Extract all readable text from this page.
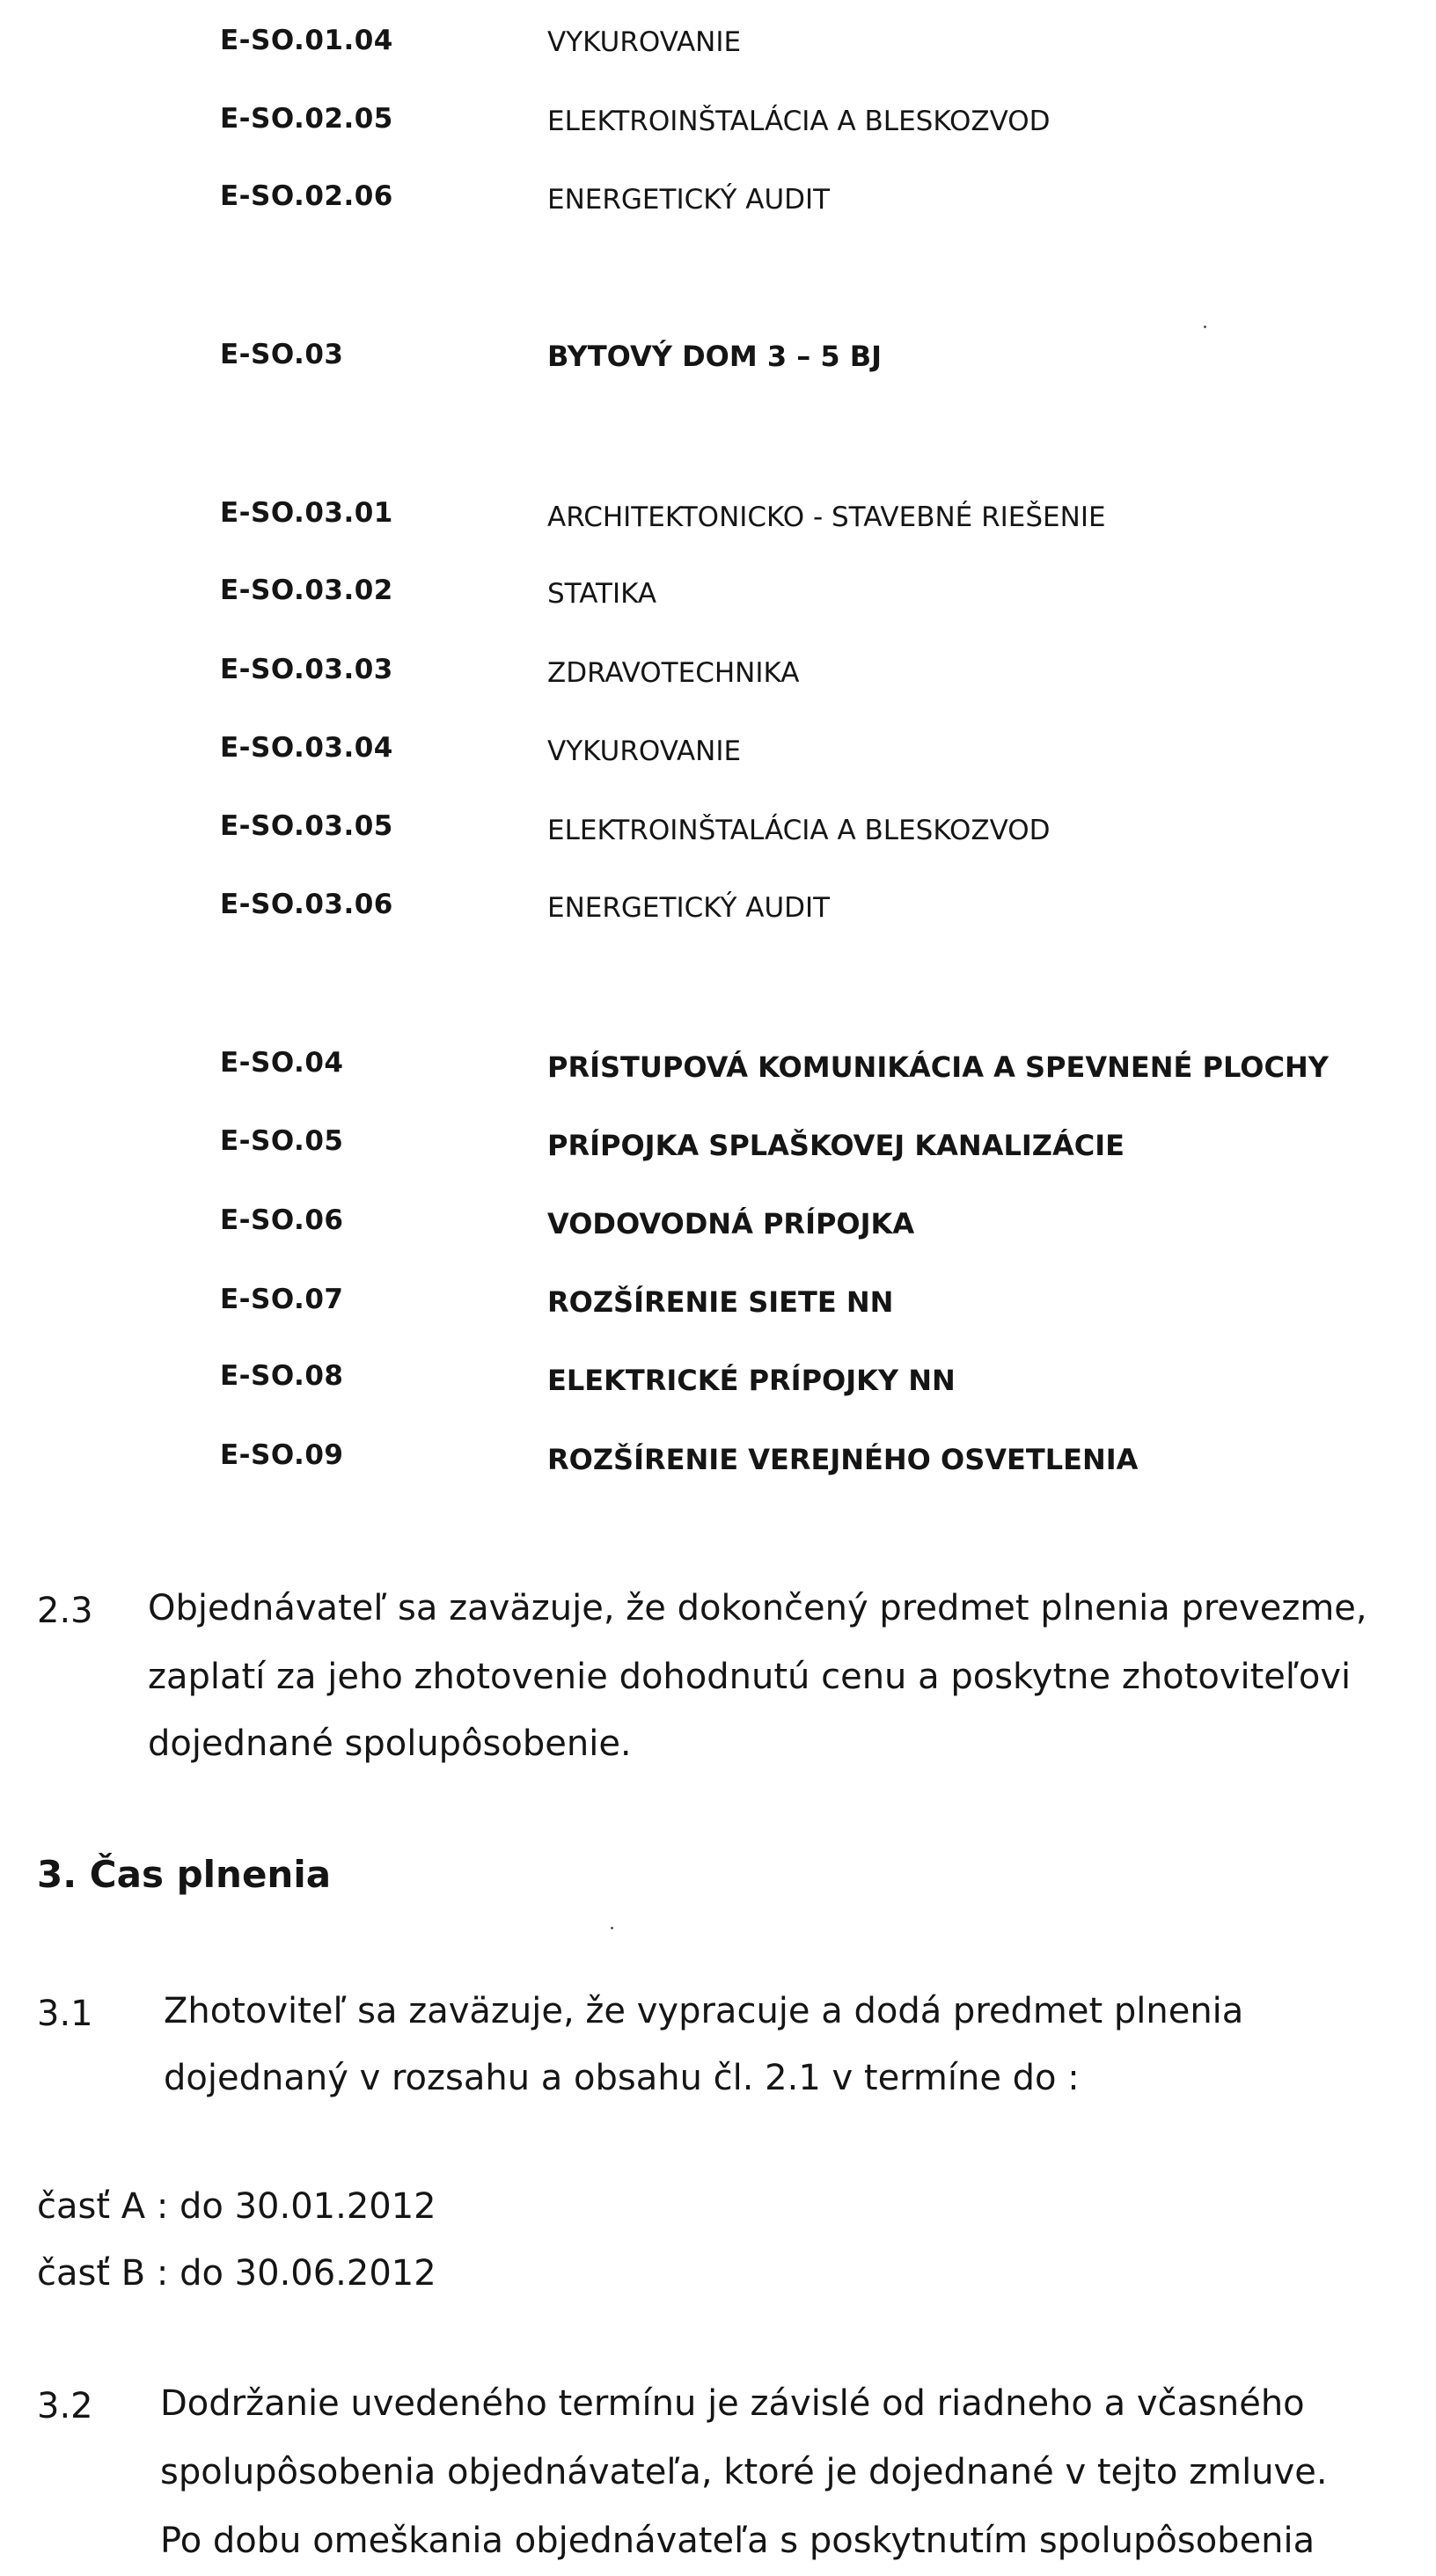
E-SO.01.04	VYKUROVANIE
E-SO.02.05	ELEKTROINŠTALÁCIA A BLESKOZVOD
E-SO.02.06	ENERGETICKÝ AUDIT
E-SO.03	BYTOVÝ DOM 3 – 5 BJ
E-SO.03.01	ARCHITEKTONICKO - STAVEBNÉ RIEŠENIE
E-SO.03.02	STATIKA
E-SO.03.03	ZDRAVOTECHNIKA
E-SO.03.04	VYKUROVANIE
E-SO.03.05	ELEKTROINŠTALÁCIA A BLESKOZVOD
E-SO.03.06	ENERGETICKÝ AUDIT
E-SO.04	PRÍSTUPOVÁ KOMUNIKÁCIA A SPEVNENÉ PLOCHY
E-SO.05	PRÍPOJKA SPLAŠKOVEJ KANALIZÁCIE
E-SO.06	VODOVODNÁ PRÍPOJKA
E-SO.07	ROZŠÍRENIE SIETE NN
E-SO.08	ELEKTRICKÉ PRÍPOJKY NN
E-SO.09	ROZŠÍRENIE VEREJNÉHO OSVETLENIA
2.3 Objednávateľ sa zaväzuje, že dokončený predmet plnenia prevezme,
zaplatí za jeho zhotovenie dohodnutú cenu a poskytne zhotoviteľovi
dojednané spolupôsobenie.
3. Čas plnenia
3.1 Zhotoviteľ sa zaväzuje, že vypracuje a dodá predmet plnenia
dojednaný v rozsahu a obsahu čl. 2.1 v termíne do :
časť A : do 30.01.2012
časť B : do 30.06.2012
3.2 Dodržanie uvedeného termínu je závislé od riadneho a včasného
spolupôsobenia objednávateľa, ktoré je dojednané v tejto zmluve.
Po dobu omeškania objednávateľa s poskytnutím spolupôsobenia
